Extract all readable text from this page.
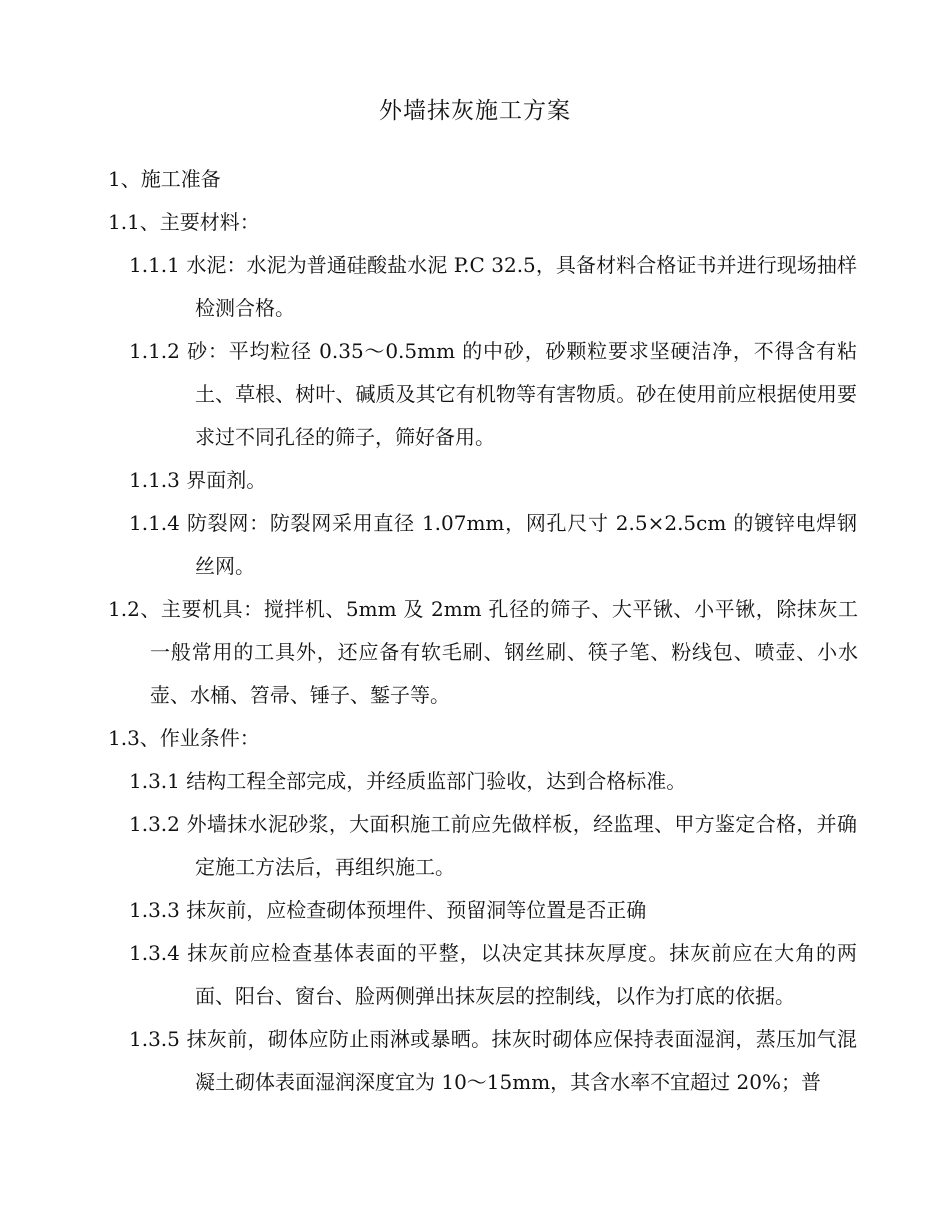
外墙抹灰施工方案
1、施工准备
1.1、主要材料：
1.1.1 水泥：水泥为普通硅酸盐水泥 P.C 32.5，具备材料合格证书并进行现场抽样检测合格。
1.1.2 砂：平均粒径 0.35～0.5mm 的中砂，砂颗粒要求坚硬洁净，不得含有粘土、草根、树叶、碱质及其它有机物等有害物质。砂在使用前应根据使用要求过不同孔径的筛子，筛好备用。
1.1.3 界面剂。
1.1.4 防裂网：防裂网采用直径 1.07mm，网孔尺寸 2.5×2.5cm 的镀锌电焊钢丝网。
1.2、主要机具：搅拌机、5mm 及 2mm 孔径的筛子、大平锹、小平锹，除抹灰工一般常用的工具外，还应备有软毛刷、钢丝刷、筷子笔、粉线包、喷壶、小水壶、水桶、笤帚、锤子、錾子等。
1.3、作业条件：
1.3.1 结构工程全部完成，并经质监部门验收，达到合格标准。
1.3.2 外墙抹水泥砂浆，大面积施工前应先做样板，经监理、甲方鉴定合格，并确定施工方法后，再组织施工。
1.3.3 抹灰前，应检查砌体预埋件、预留洞等位置是否正确
1.3.4 抹灰前应检查基体表面的平整，以决定其抹灰厚度。抹灰前应在大角的两面、阳台、窗台、脸两侧弹出抹灰层的控制线，以作为打底的依据。
1.3.5 抹灰前，砌体应防止雨淋或暴晒。抹灰时砌体应保持表面湿润，蒸压加气混凝土砌体表面湿润深度宜为 10～15mm，其含水率不宜超过 20%；普
